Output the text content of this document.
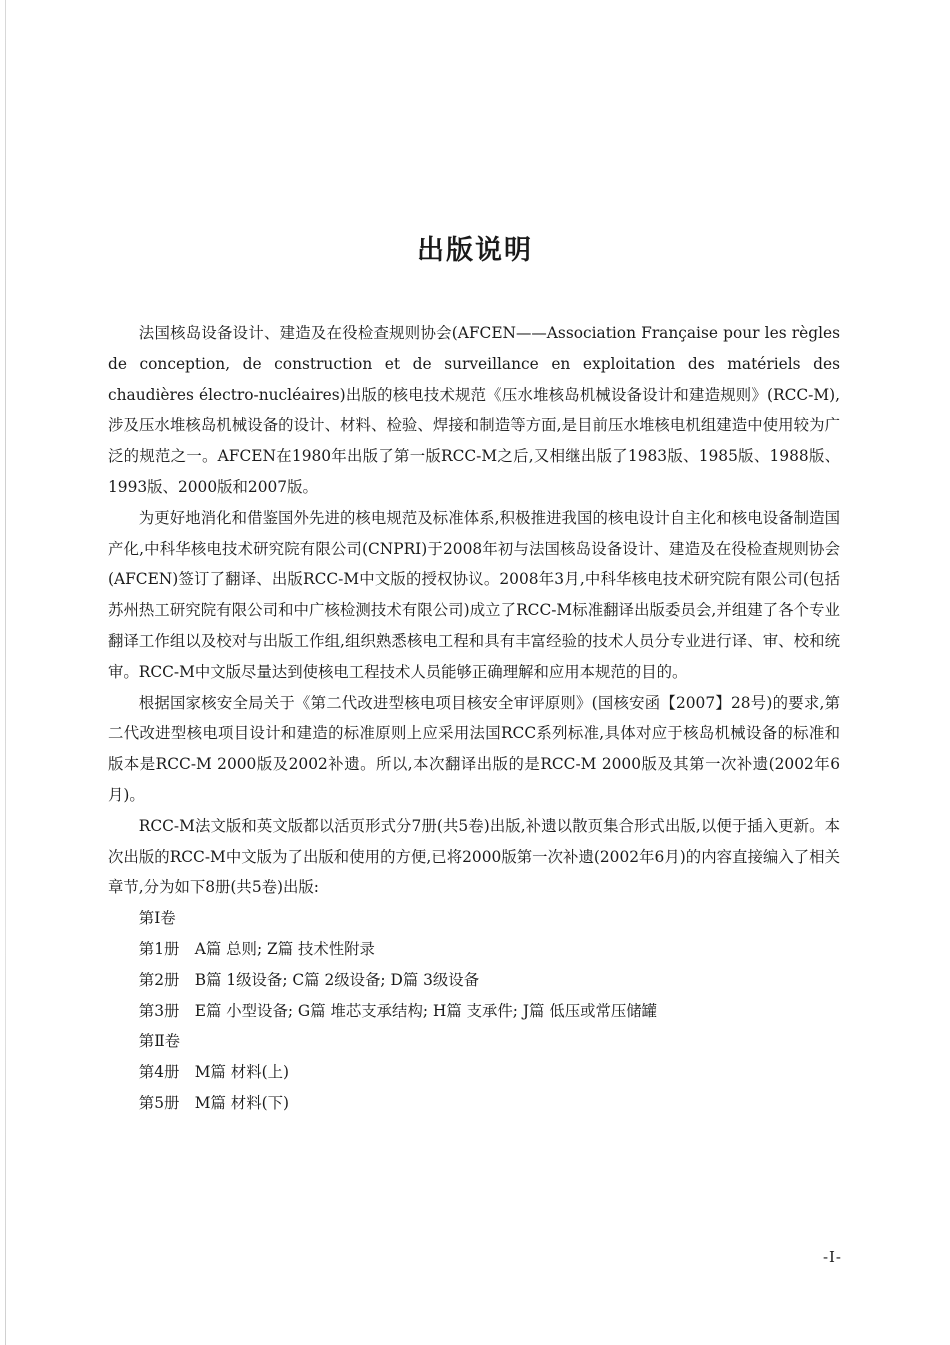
出版说明

法国核岛设备设计、建造及在役检查规则协会(AFCEN——Association Française pour les règles de conception, de construction et de surveillance en exploitation des matériels des chaudières électro-nucléaires)出版的核电技术规范《压水堆核岛机械设备设计和建造规则》(RCC-M),涉及压水堆核岛机械设备的设计、材料、检验、焊接和制造等方面,是目前压水堆核电机组建造中使用较为广泛的规范之一。AFCEN在1980年出版了第一版RCC-M之后,又相继出版了1983版、1985版、1988版、1993版、2000版和2007版。

为更好地消化和借鉴国外先进的核电规范及标准体系,积极推进我国的核电设计自主化和核电设备制造国产化,中科华核电技术研究院有限公司(CNPRI)于2008年初与法国核岛设备设计、建造及在役检查规则协会(AFCEN)签订了翻译、出版RCC-M中文版的授权协议。2008年3月,中科华核电技术研究院有限公司(包括苏州热工研究院有限公司和中广核检测技术有限公司)成立了RCC-M标准翻译出版委员会,并组建了各个专业翻译工作组以及校对与出版工作组,组织熟悉核电工程和具有丰富经验的技术人员分专业进行译、审、校和统审。RCC-M中文版尽量达到使核电工程技术人员能够正确理解和应用本规范的目的。

根据国家核安全局关于《第二代改进型核电项目核安全审评原则》(国核安函【2007】28号)的要求,第二代改进型核电项目设计和建造的标准原则上应采用法国RCC系列标准,具体对应于核岛机械设备的标准和版本是RCC-M 2000版及2002补遗。所以,本次翻译出版的是RCC-M 2000版及其第一次补遗(2002年6月)。

RCC-M法文版和英文版都以活页形式分7册(共5卷)出版,补遗以散页集合形式出版,以便于插入更新。本次出版的RCC-M中文版为了出版和使用的方便,已将2000版第一次补遗(2002年6月)的内容直接编入了相关章节,分为如下8册(共5卷)出版:

第Ⅰ卷

第1册　A篇 总则; Z篇 技术性附录

第2册　B篇 1级设备; C篇 2级设备; D篇 3级设备

第3册　E篇 小型设备; G篇 堆芯支承结构; H篇 支承件; J篇 低压或常压储罐

第Ⅱ卷

第4册　M篇 材料(上)

第5册　M篇 材料(下)

-I-
